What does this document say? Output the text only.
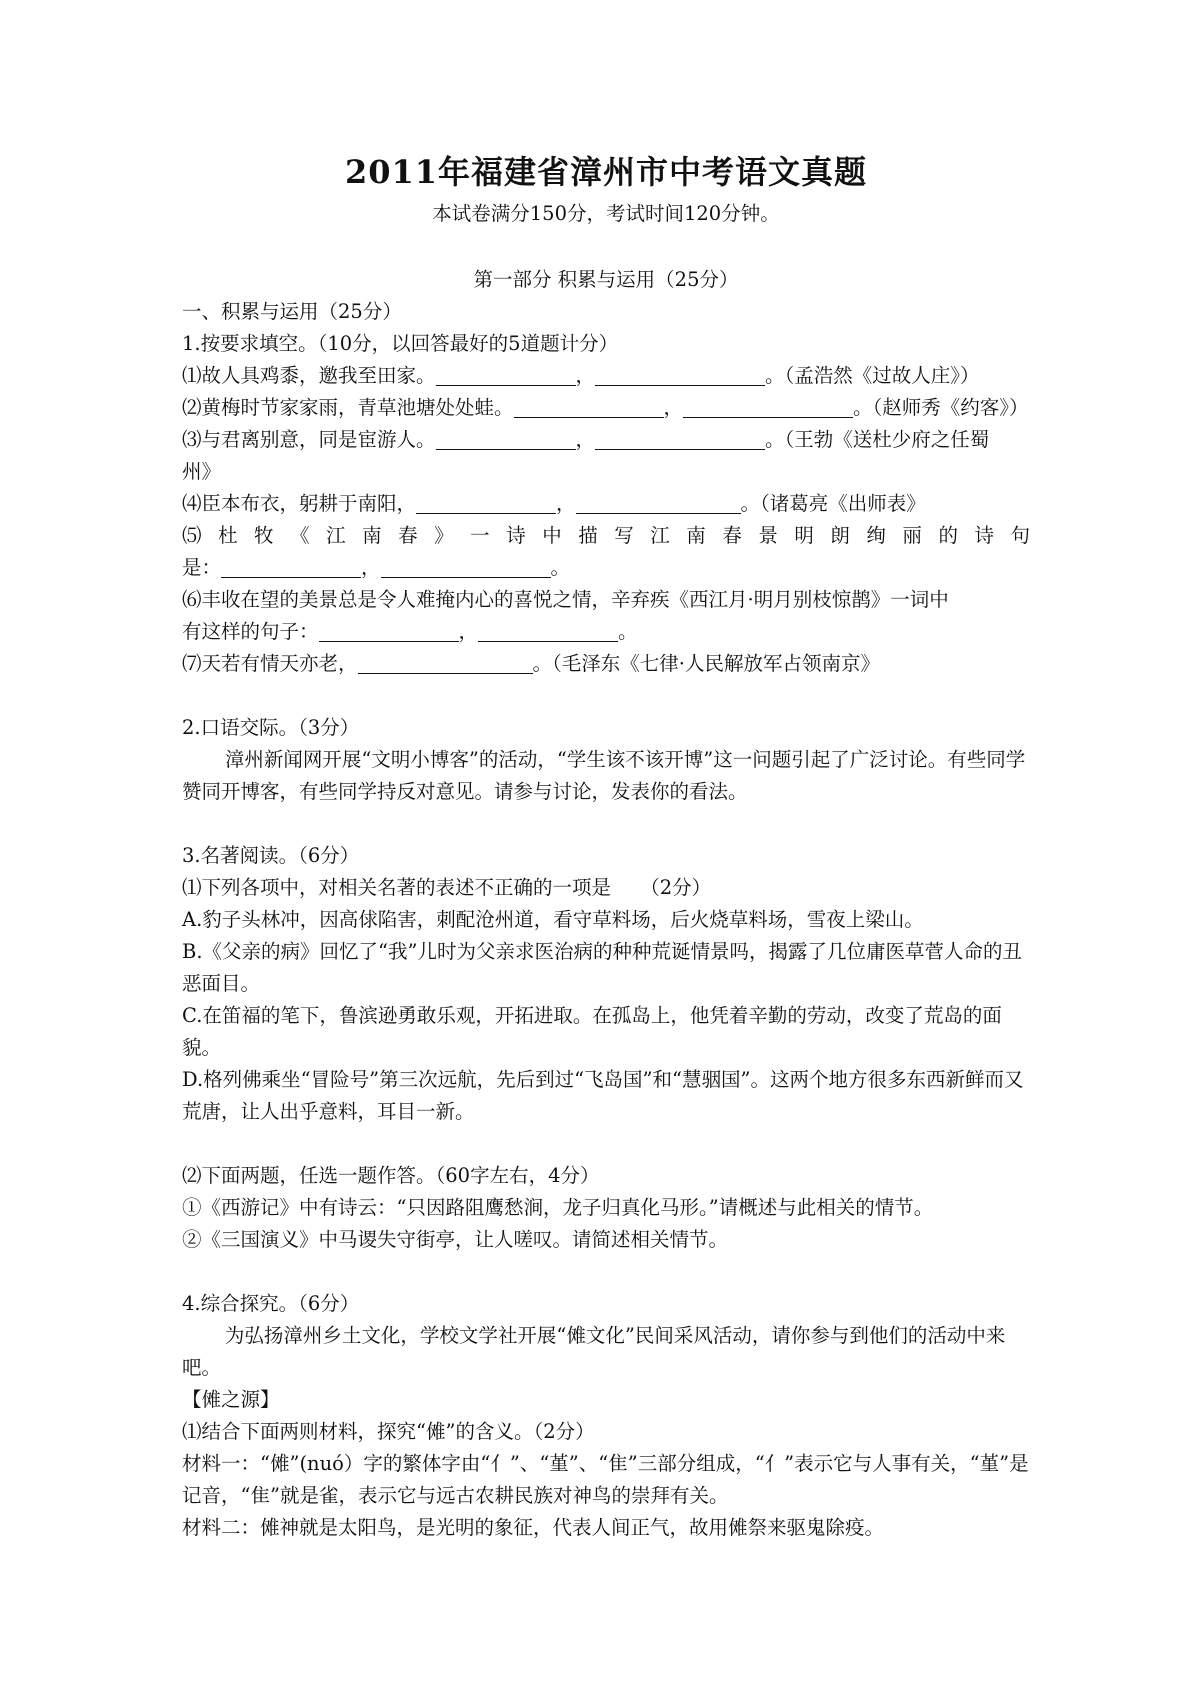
2011年福建省漳州市中考语文真题
本试卷满分150分，考试时间120分钟。
第一部分 积累与运用（25分）
一、积累与运用（25分）
1.按要求填空。（10分，以回答最好的5道题计分）
⑴故人具鸡黍，邀我至田家。	，	。（孟浩然《过故人庄》）
⑵黄梅时节家家雨，青草池塘处处蛙。	，	。（赵师秀《约客》）
⑶与君离别意，同是宦游人。	，	。（王勃《送杜少府之任蜀
州》
⑷臣本布衣，躬耕于南阳，	，	。（诸葛亮《出师表》
⑸ 杜 牧 《 江 南 春 》 一 诗 中 描 写 江 南 春 景 明 朗 绚 丽 的 诗 句
是：	，	。
⑹丰收在望的美景总是令人难掩内心的喜悦之情，辛弃疾《西江月·明月别枝惊鹊》一词中
有这样的句子：	，	。
⑺天若有情天亦老，	。（毛泽东《七律·人民解放军占领南京》
2.口语交际。（3分）
漳州新闻网开展“文明小博客”的活动，“学生该不该开博”这一问题引起了广泛讨论。有些同学赞同开博客，有些同学持反对意见。请参与讨论，发表你的看法。
3.名著阅读。（6分）
⑴下列各项中，对相关名著的表述不正确的一项是　　（2分）
A.豹子头林冲，因高俅陷害，刺配沧州道，看守草料场，后火烧草料场，雪夜上梁山。
B.《父亲的病》回忆了“我”儿时为父亲求医治病的种种荒诞情景吗，揭露了几位庸医草菅人命的丑恶面目。
C.在笛福的笔下，鲁滨逊勇敢乐观，开拓进取。在孤岛上，他凭着辛勤的劳动，改变了荒岛的面貌。
D.格列佛乘坐“冒险号”第三次远航，先后到过“飞岛国”和“慧骃国”。这两个地方很多东西新鲜而又荒唐，让人出乎意料，耳目一新。
⑵下面两题，任选一题作答。（60字左右，4分）
①《西游记》中有诗云：“只因路阻鹰愁涧，龙子归真化马形。”请概述与此相关的情节。
②《三国演义》中马谡失守街亭，让人嗟叹。请简述相关情节。
4.综合探究。（6分）
为弘扬漳州乡土文化，学校文学社开展“傩文化”民间采风活动，请你参与到他们的活动中来吧。
【傩之源】
⑴结合下面两则材料，探究“傩”的含义。（2分）
材料一：“傩”(nuó）字的繁体字由“亻”、“堇”、“隹”三部分组成，“亻”表示它与人事有关，“堇”是记音，“隹”就是雀，表示它与远古农耕民族对神鸟的崇拜有关。
材料二：傩神就是太阳鸟，是光明的象征，代表人间正气，故用傩祭来驱鬼除疫。
